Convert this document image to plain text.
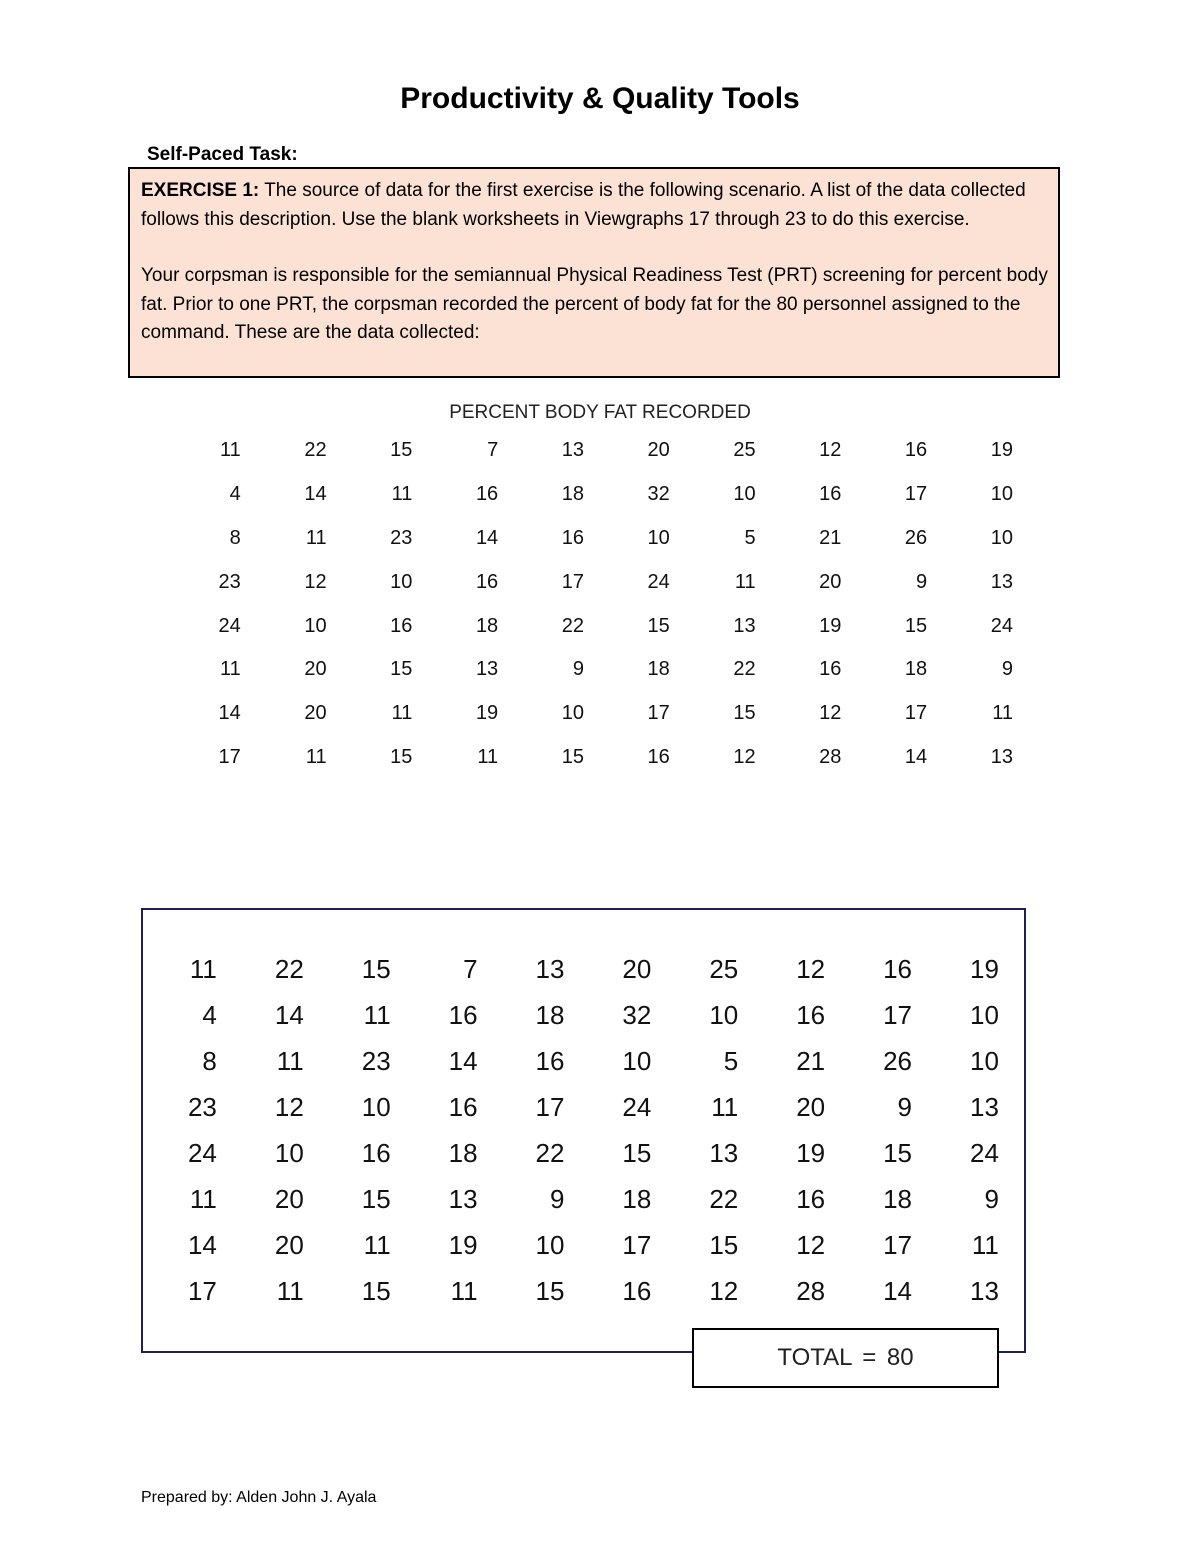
Productivity & Quality Tools
Self-Paced Task:

EXERCISE 1: The source of data for the first exercise is the following scenario. A list of the data collected follows this description. Use the blank worksheets in Viewgraphs 17 through 23 to do this exercise.

Your corpsman is responsible for the semiannual Physical Readiness Test (PRT) screening for percent body fat. Prior to one PRT, the corpsman recorded the percent of body fat for the 80 personnel assigned to the command. These are the data collected:

PERCENT BODY FAT RECORDED
11	22	15	7	13	20	25	12	16	19
4	14	11	16	18	32	10	16	17	10
8	11	23	14	16	10	5	21	26	10
23	12	10	16	17	24	11	20	9	13
24	10	16	18	22	15	13	19	15	24
11	20	15	13	9	18	22	16	18	9
14	20	11	19	10	17	15	12	17	11
17	11	15	11	15	16	12	28	14	13
11	22	15	7	13	20	25	12	16	19
4	14	11	16	18	32	10	16	17	10
8	11	23	14	16	10	5	21	26	10
23	12	10	16	17	24	11	20	9	13
24	10	16	18	22	15	13	19	15	24
11	20	15	13	9	18	22	16	18	9
14	20	11	19	10	17	15	12	17	11
17	11	15	11	15	16	12	28	14	13
TOTAL = 80
Prepared by: Alden John J. Ayala
